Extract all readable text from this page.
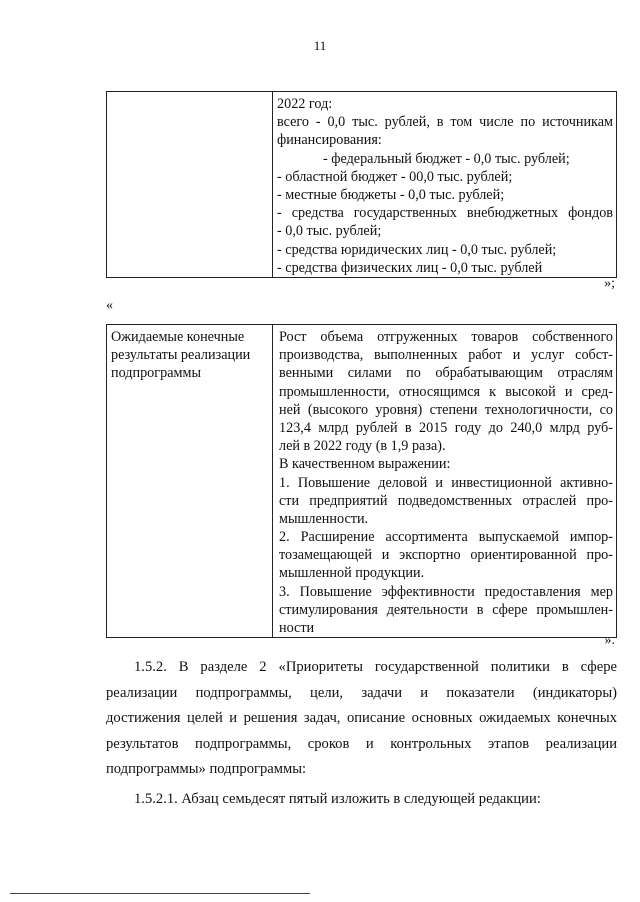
11

2022 год:
всего - 0,0 тыс. рублей, в том числе по источникам
финансирования:
- федеральный бюджет - 0,0 тыс. рублей;
- областной бюджет - 00,0 тыс. рублей;
- местные бюджеты - 0,0 тыс. рублей;
- средства государственных внебюджетных фондов
- 0,0 тыс. рублей;
- средства юридических лиц - 0,0 тыс. рублей;
- средства физических лиц - 0,0 тыс. рублей
»;
«
Ожидаемые конечные
результаты реализации
подпрограммы

Рост объема отгруженных товаров собственного
производства, выполненных работ и услуг собст-
венными силами по обрабатывающим отраслям
промышленности, относящимся к высокой и сред-
ней (высокого уровня) степени технологичности, со
123,4 млрд рублей в 2015 году до 240,0 млрд руб-
лей в 2022 году (в 1,9 раза).
В качественном выражении:
1. Повышение деловой и инвестиционной активно-
сти предприятий подведомственных отраслей про-
мышленности.
2. Расширение ассортимента выпускаемой импор-
тозамещающей и экспортно ориентированной про-
мышленной продукции.
3. Повышение эффективности предоставления мер
стимулирования деятельности в сфере промышлен-
ности
».
1.5.2. В разделе 2 «Приоритеты государственной политики в сфере
реализации подпрограммы, цели, задачи и показатели (индикаторы)
достижения целей и решения задач, описание основных ожидаемых конечных
результатов подпрограммы, сроков и контрольных этапов реализации
подпрограммы» подпрограммы:
1.5.2.1. Абзац семьдесят пятый изложить в следующей редакции:
